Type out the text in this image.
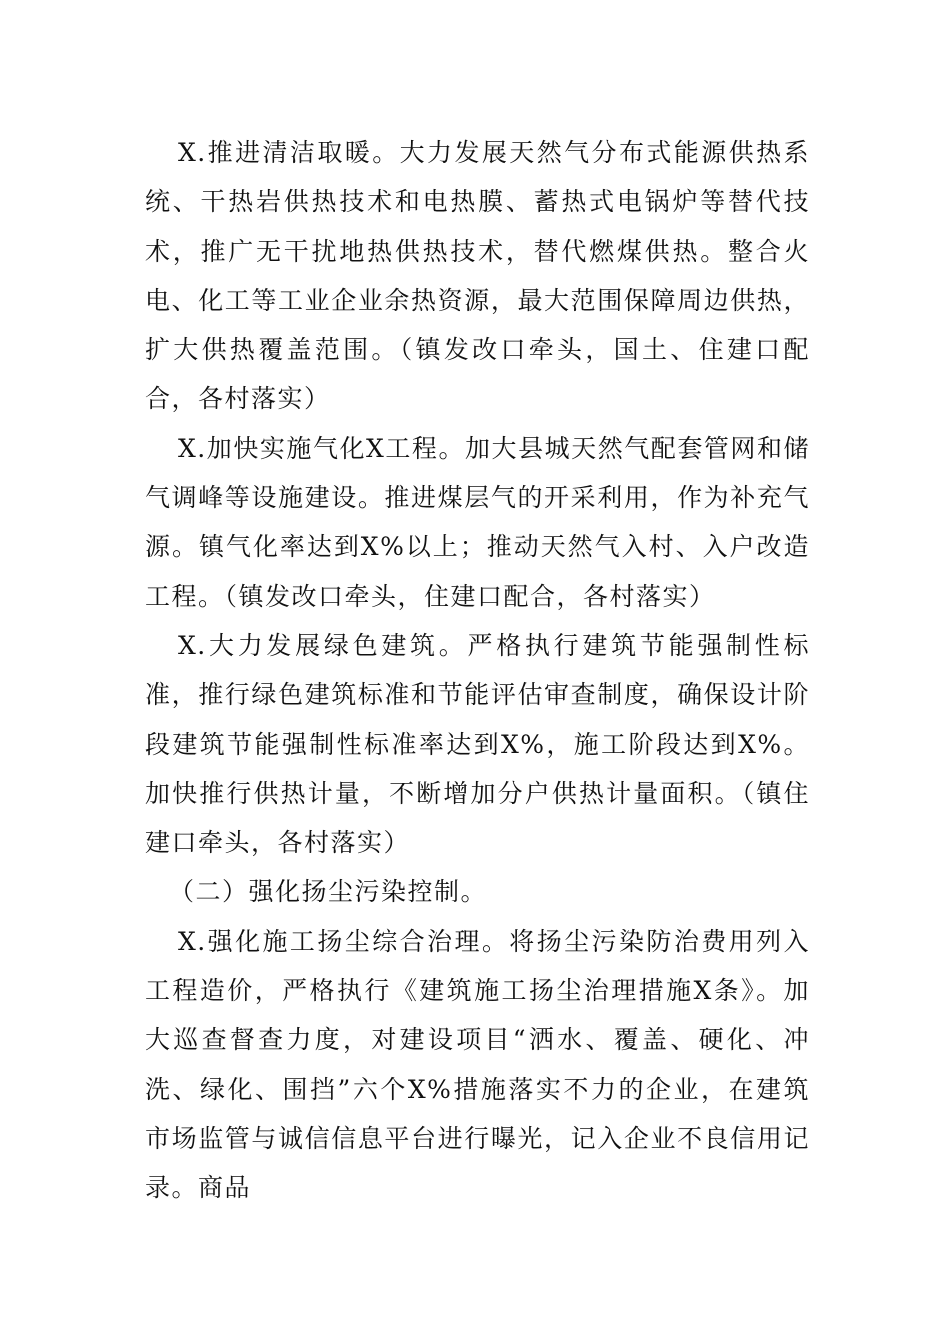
X.推进清洁取暖。大力发展天然气分布式能源供热系统、干热岩供热技术和电热膜、蓄热式电锅炉等替代技术，推广无干扰地热供热技术，替代燃煤供热。整合火电、化工等工业企业余热资源，最大范围保障周边供热，扩大供热覆盖范围。（镇发改口牵头，国土、住建口配合，各村落实）

X.加快实施气化X工程。加大县城天然气配套管网和储气调峰等设施建设。推进煤层气的开采利用，作为补充气源。镇气化率达到X%以上；推动天然气入村、入户改造工程。（镇发改口牵头，住建口配合，各村落实）

X.大力发展绿色建筑。严格执行建筑节能强制性标准，推行绿色建筑标准和节能评估审查制度，确保设计阶段建筑节能强制性标准率达到X%，施工阶段达到X%。加快推行供热计量，不断增加分户供热计量面积。（镇住建口牵头，各村落实）

（二）强化扬尘污染控制。

X.强化施工扬尘综合治理。将扬尘污染防治费用列入工程造价，严格执行《建筑施工扬尘治理措施X条》。加大巡查督查力度，对建设项目“洒水、覆盖、硬化、冲洗、绿化、围挡”六个X%措施落实不力的企业，在建筑市场监管与诚信信息平台进行曝光，记入企业不良信用记录。商品
